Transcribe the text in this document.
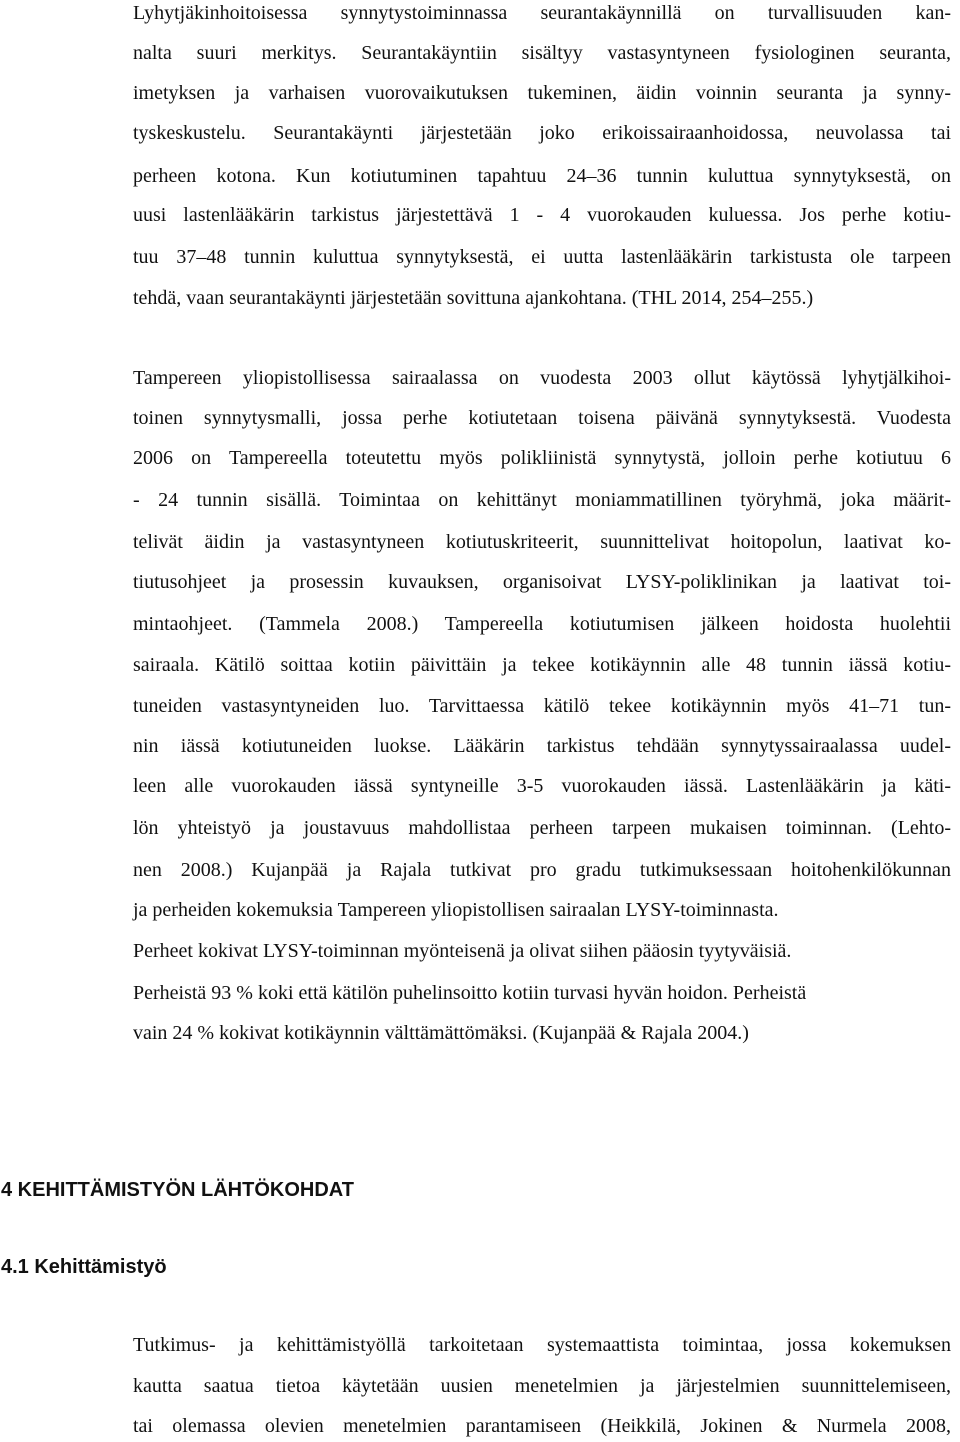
Lyhytjäkinhoitoisessa synnytystoiminnassa seurantakäynnillä on turvallisuuden kan-

nalta suuri merkitys. Seurantakäyntiin sisältyy vastasyntyneen fysiologinen seuranta,

imetyksen ja varhaisen vuorovaikutuksen tukeminen, äidin voinnin seuranta ja synny-

tyskeskustelu. Seurantakäynti järjestetään joko erikoissairaanhoidossa, neuvolassa tai

perheen kotona. Kun kotiutuminen tapahtuu 24–36 tunnin kuluttua synnytyksestä, on

uusi lastenlääkärin tarkistus järjestettävä 1 - 4 vuorokauden kuluessa. Jos perhe kotiu-

tuu 37–48 tunnin kuluttua synnytyksestä, ei uutta lastenlääkärin tarkistusta ole tarpeen

tehdä, vaan seurantakäynti järjestetään sovittuna ajankohtana. (THL 2014, 254–255.)

Tampereen yliopistollisessa sairaalassa on vuodesta 2003 ollut käytössä lyhytjälkihoi-

toinen synnytysmalli, jossa perhe kotiutetaan toisena päivänä synnytyksestä. Vuodesta

2006 on Tampereella toteutettu myös polikliinistä synnytystä, jolloin perhe kotiutuu 6

- 24 tunnin sisällä. Toimintaa on kehittänyt moniammatillinen työryhmä, joka määrit-

telivät äidin ja vastasyntyneen kotiutuskriteerit, suunnittelivat hoitopolun, laativat ko-

tiutusohjeet ja prosessin kuvauksen, organisoivat LYSY-poliklinikan ja laativat toi-

mintaohjeet. (Tammela 2008.) Tampereella kotiutumisen jälkeen hoidosta huolehtii

sairaala. Kätilö soittaa kotiin päivittäin ja tekee kotikäynnin alle 48 tunnin iässä kotiu-

tuneiden vastasyntyneiden luo. Tarvittaessa kätilö tekee kotikäynnin myös 41–71 tun-

nin iässä kotiutuneiden luokse. Lääkärin tarkistus tehdään synnytyssairaalassa uudel-

leen alle vuorokauden iässä syntyneille 3-5 vuorokauden iässä. Lastenlääkärin ja käti-

lön yhteistyö ja joustavuus mahdollistaa perheen tarpeen mukaisen toiminnan. (Lehto-

nen 2008.) Kujanpää ja Rajala tutkivat pro gradu tutkimuksessaan hoitohenkilökunnan

ja perheiden kokemuksia Tampereen yliopistollisen sairaalan LYSY-toiminnasta.

Perheet kokivat LYSY-toiminnan myönteisenä ja olivat siihen pääosin tyytyväisiä.

Perheistä 93 % koki että kätilön puhelinsoitto kotiin turvasi hyvän hoidon. Perheistä

vain 24 % kokivat kotikäynnin välttämättömäksi. (Kujanpää & Rajala 2004.)

4 KEHITTÄMISTYÖN LÄHTÖKOHDAT
4.1 Kehittämistyö

Tutkimus- ja kehittämistyöllä tarkoitetaan systemaattista toimintaa, jossa kokemuksen

kautta saatua tietoa käytetään uusien menetelmien ja järjestelmien suunnittelemiseen,

tai olemassa olevien menetelmien parantamiseen (Heikkilä, Jokinen & Nurmela 2008,
